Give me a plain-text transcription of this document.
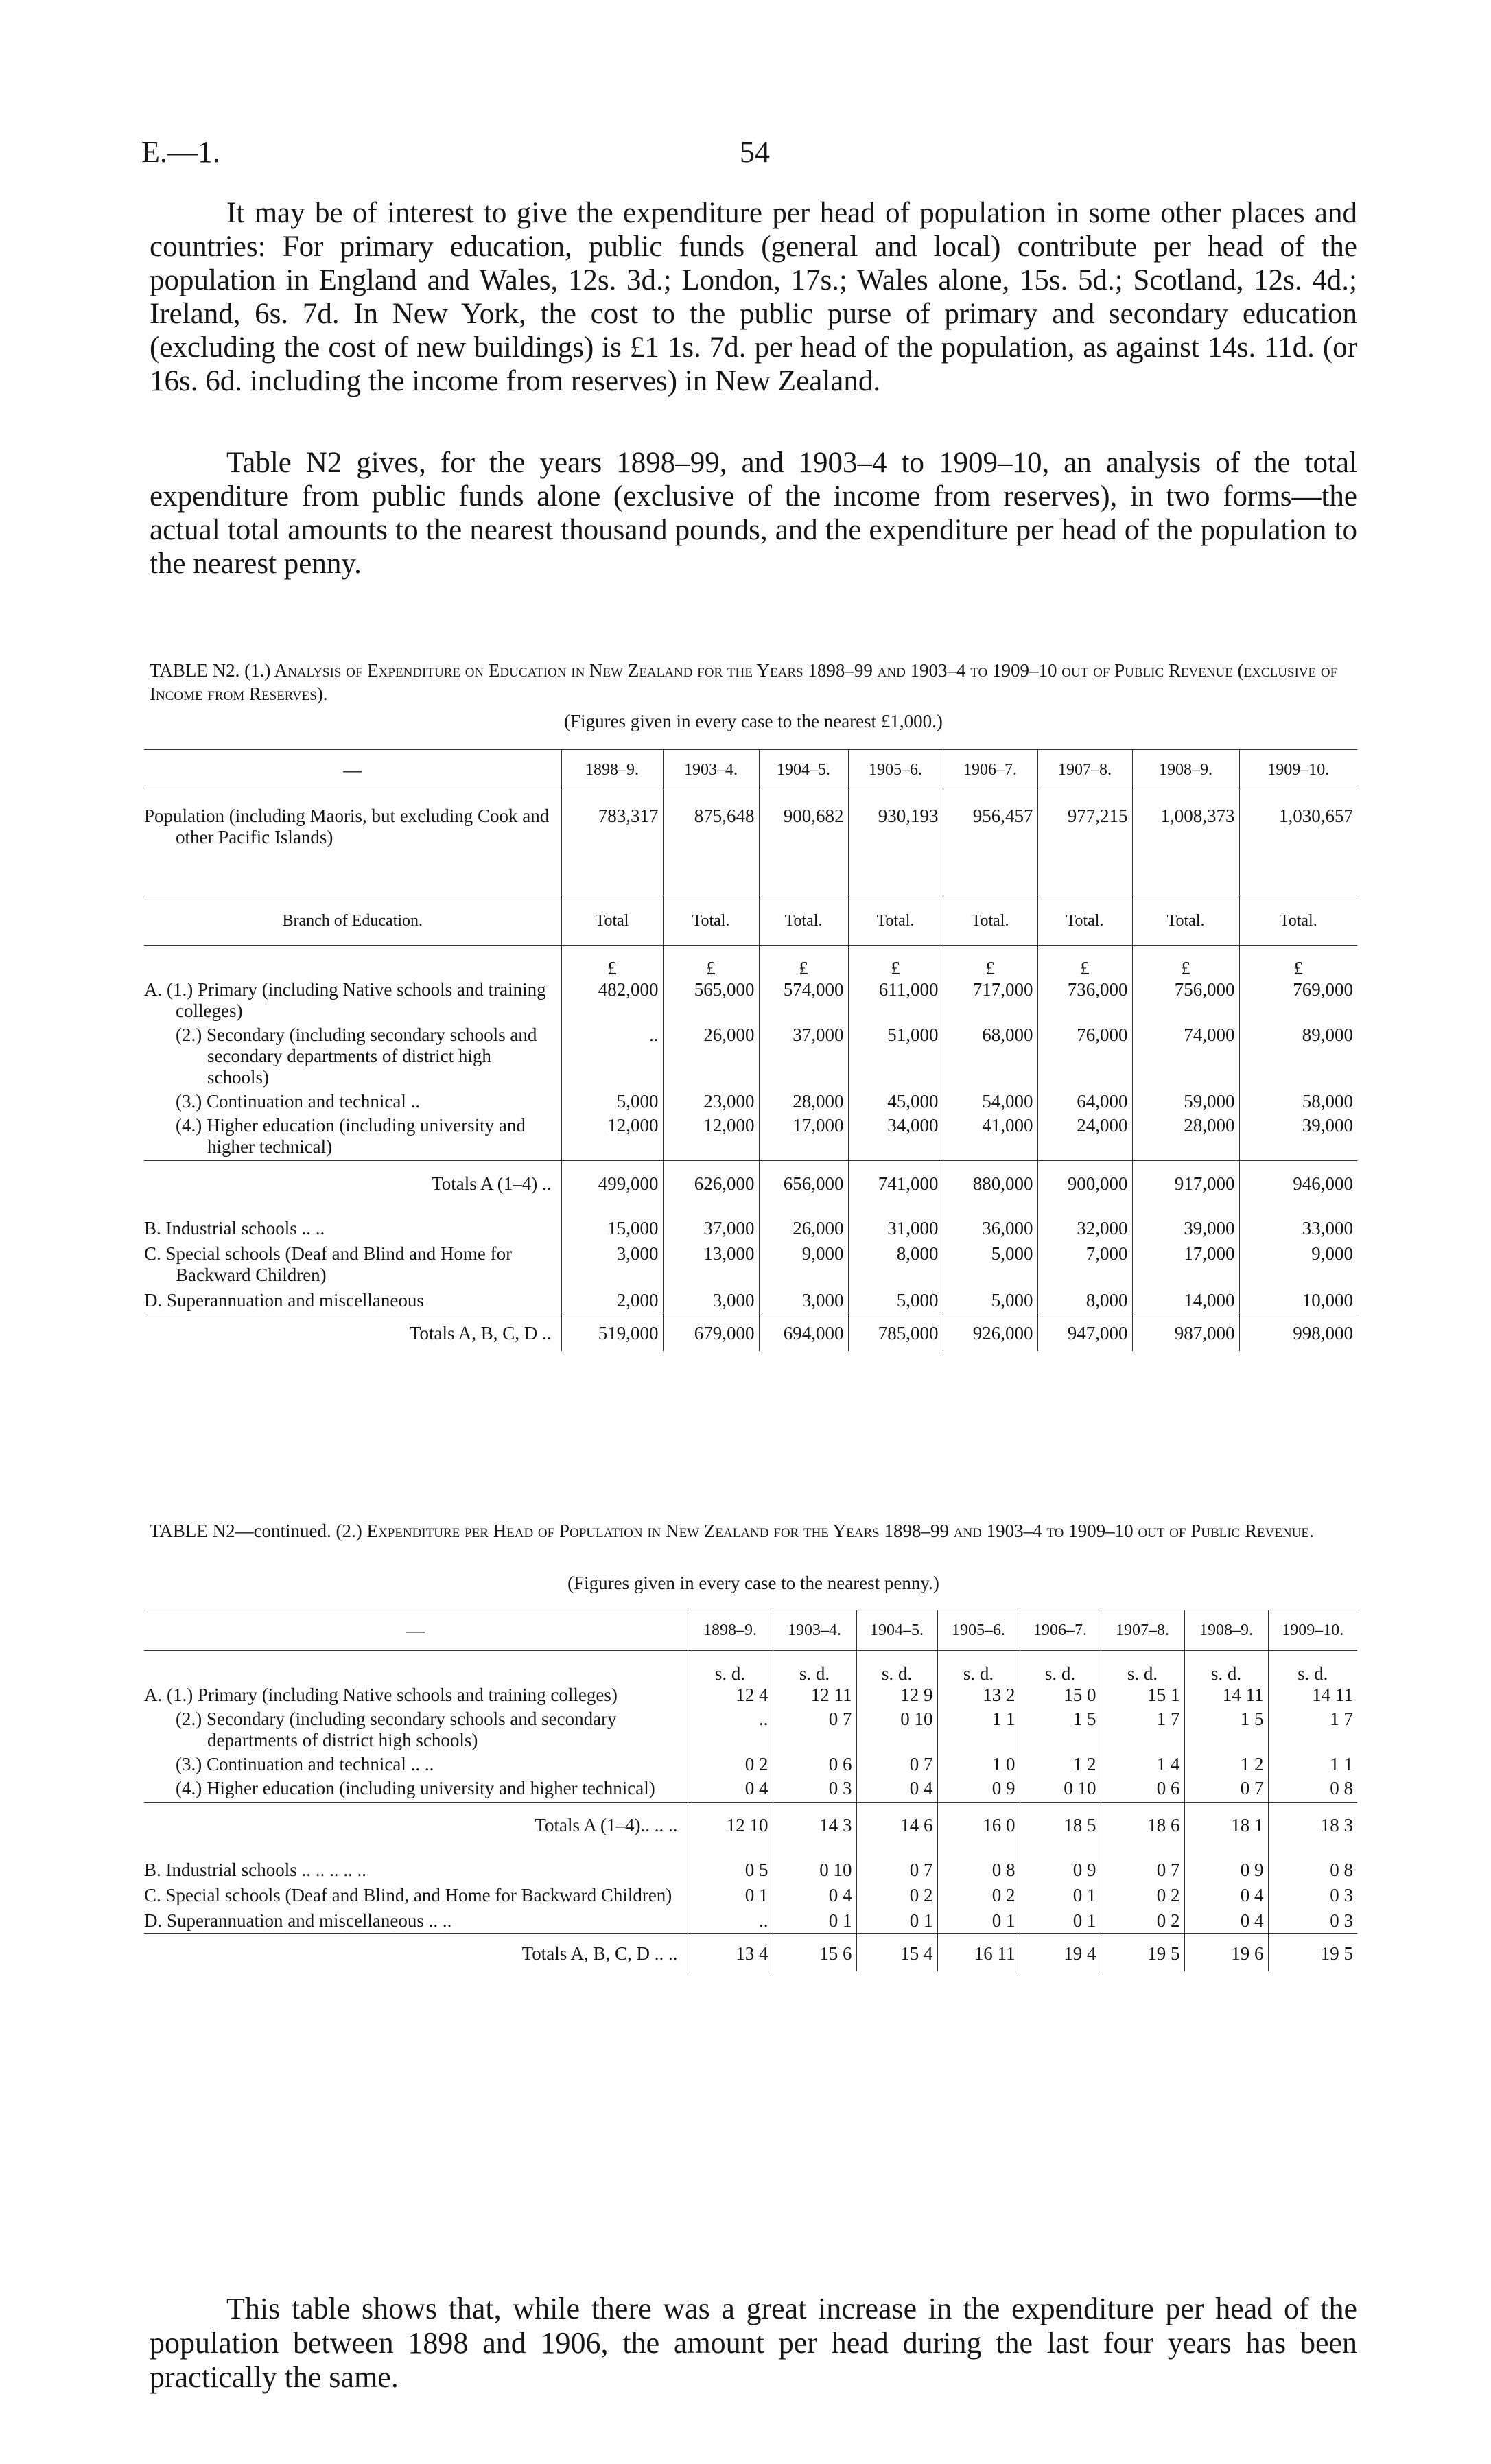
E.—1.	54

It may be of interest to give the expenditure per head of population in some other places and countries: For primary education, public funds (general and local) contribute per head of the population in England and Wales, 12s. 3d.; London, 17s.; Wales alone, 15s. 5d.; Scotland, 12s. 4d.; Ireland, 6s. 7d. In New York, the cost to the public purse of primary and secondary education (excluding the cost of new buildings) is £1 1s. 7d. per head of the population, as against 14s. 11d. (or 16s. 6d. including the income from reserves) in New Zealand.

Table N2 gives, for the years 1898–99, and 1903–4 to 1909–10, an analysis of the total expenditure from public funds alone (exclusive of the income from reserves), in two forms—the actual total amounts to the nearest thousand pounds, and the expenditure per head of the population to the nearest penny.

TABLE N2. (1.) Analysis of Expenditure on Education in New Zealand for the Years 1898–99 and 1903–4 to 1909–10 out of Public Revenue (exclusive of Income from Reserves).
(Figures given in every case to the nearest £1,000.)
—	1898–9.	1903–4.	1904–5.	1905–6.	1906–7.	1907–8.	1908–9.	1909–10.
Population (including Maoris, but excluding Cook and other Pacific Islands)	783,317	875,648	900,682	930,193	956,457	977,215	1,008,373	1,030,657
Branch of Education.	Total	Total.	Total.	Total.	Total.	Total.	Total.	Total.
	£	£	£	£	£	£	£	£
A. (1.) Primary (including Native schools and training colleges)	482,000	565,000	574,000	611,000	717,000	736,000	756,000	769,000
(2.) Secondary (including secondary schools and secondary departments of district high schools)	..	26,000	37,000	51,000	68,000	76,000	74,000	89,000
(3.) Continuation and technical ..	5,000	23,000	28,000	45,000	54,000	64,000	59,000	58,000
(4.) Higher education (including university and higher technical)	12,000	12,000	17,000	34,000	41,000	24,000	28,000	39,000
Totals A (1–4) ..	499,000	626,000	656,000	741,000	880,000	900,000	917,000	946,000
B. Industrial schools .. ..	15,000	37,000	26,000	31,000	36,000	32,000	39,000	33,000
C. Special schools (Deaf and Blind and Home for Backward Children)	3,000	13,000	9,000	8,000	5,000	7,000	17,000	9,000
D. Superannuation and miscellaneous	2,000	3,000	3,000	5,000	5,000	8,000	14,000	10,000
Totals A, B, C, D ..	519,000	679,000	694,000	785,000	926,000	947,000	987,000	998,000
TABLE N2—continued. (2.) Expenditure per Head of Population in New Zealand for the Years 1898–99 and 1903–4 to 1909–10 out of Public Revenue.
(Figures given in every case to the nearest penny.)
—	1898–9.	1903–4.	1904–5.	1905–6.	1906–7.	1907–8.	1908–9.	1909–10.
	s. d.	s. d.	s. d.	s. d.	s. d.	s. d.	s. d.	s. d.
A. (1.) Primary (including Native schools and training colleges)	12 4	12 11	12 9	13 2	15 0	15 1	14 11	14 11
(2.) Secondary (including secondary schools and secondary departments of district high schools)	..	0 7	0 10	1 1	1 5	1 7	1 5	1 7
(3.) Continuation and technical .. ..	0 2	0 6	0 7	1 0	1 2	1 4	1 2	1 1
(4.) Higher education (including university and higher technical)	0 4	0 3	0 4	0 9	0 10	0 6	0 7	0 8
Totals A (1–4).. .. ..	12 10	14 3	14 6	16 0	18 5	18 6	18 1	18 3
B. Industrial schools .. .. .. .. ..	0 5	0 10	0 7	0 8	0 9	0 7	0 9	0 8
C. Special schools (Deaf and Blind, and Home for Backward Children)	0 1	0 4	0 2	0 2	0 1	0 2	0 4	0 3
D. Superannuation and miscellaneous .. ..	..	0 1	0 1	0 1	0 1	0 2	0 4	0 3
Totals A, B, C, D .. ..	13 4	15 6	15 4	16 11	19 4	19 5	19 6	19 5

This table shows that, while there was a great increase in the expenditure per head of the population between 1898 and 1906, the amount per head during the last four years has been practically the same.
